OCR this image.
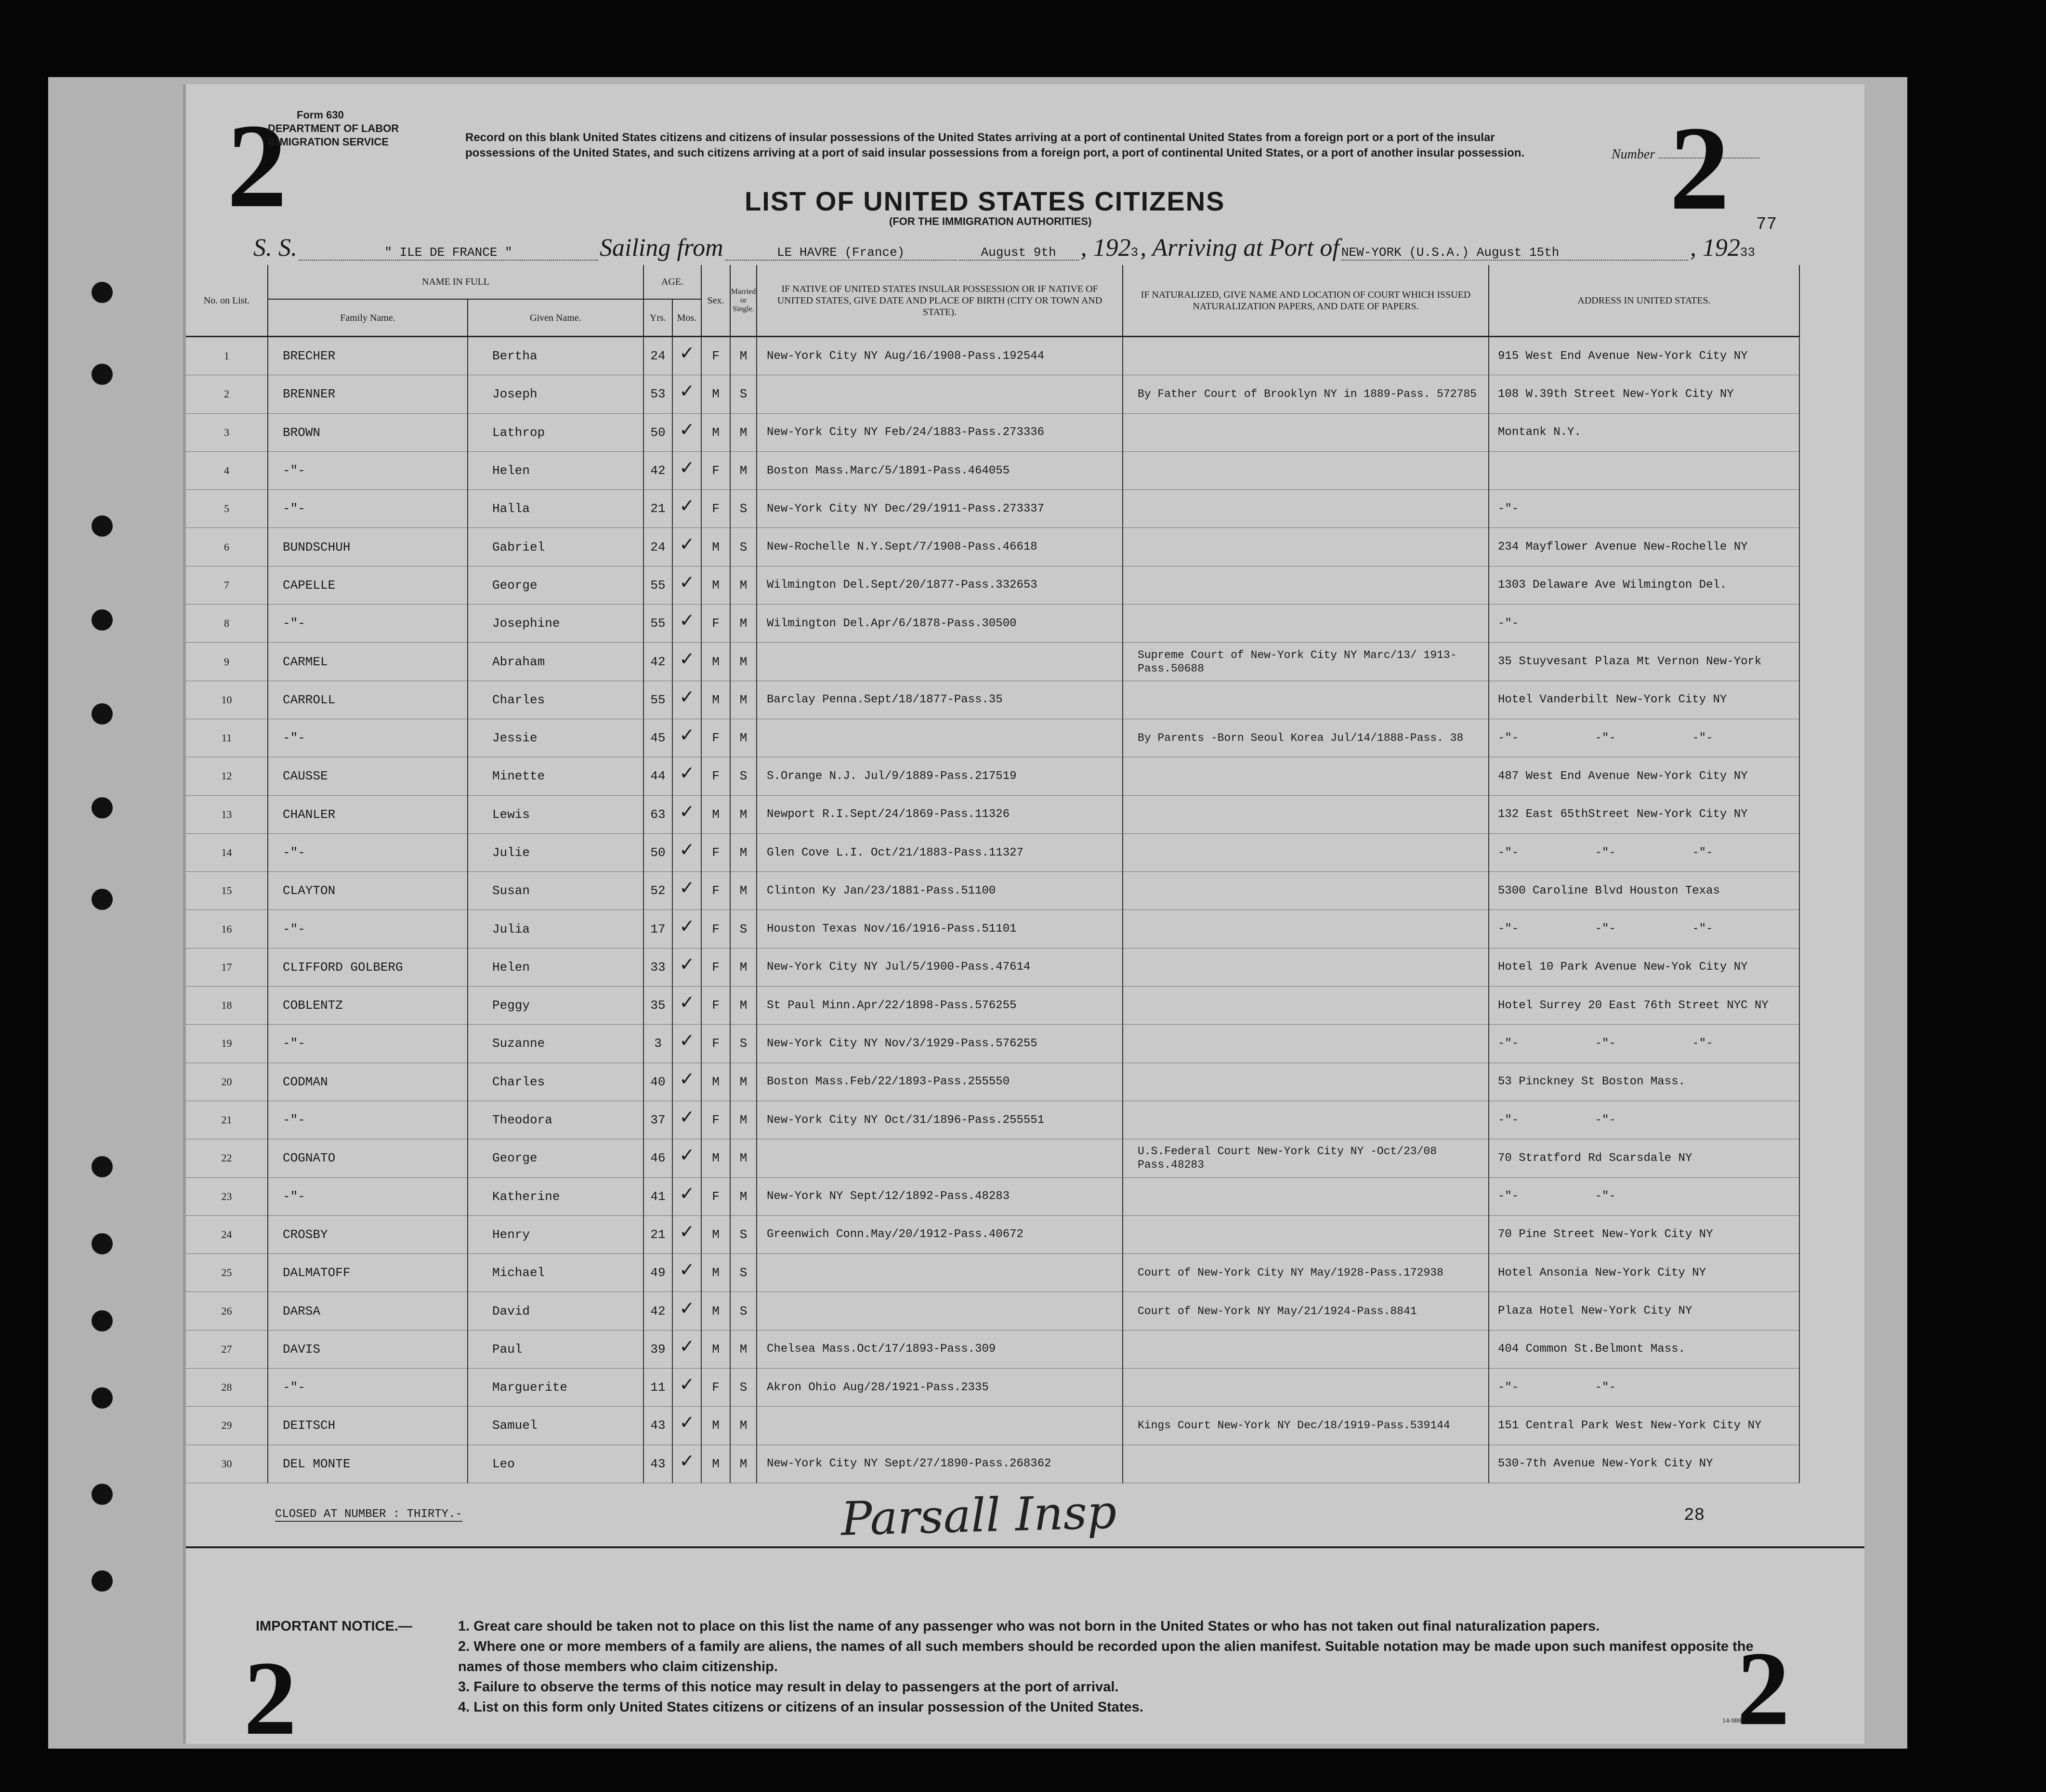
2 Form 630
DEPARTMENT OF LABOR
IMMIGRATION SERVICE	Record on this blank United States citizens and citizens of insular possessions of the United States arriving at a port of continental United States from a foreign port or a port of the insular possessions of the United States, and such citizens arriving at a port of said insular possessions from a foreign port, a port of continental United States, or a port of another insular possession.	Number 2
LIST OF UNITED STATES CITIZENS
(FOR THE IMMIGRATION AUTHORITIES)	77
S. S.	" ILE DE FRANCE "	Sailing from	LE HAVRE (France)	August 9th , 1923 , Arriving at Port of NEW-YORK (U.S.A.) August 15th	, 19233
No. on List.	NAME IN FULL		AGE.		Sex.	Married or Single.	IF NATIVE OF UNITED STATES INSULAR POSSESSION OR IF NATIVE OF UNITED STATES, GIVE DATE AND PLACE OF BIRTH (CITY OR TOWN AND STATE).	IF NATURALIZED, GIVE NAME AND LOCATION OF COURT WHICH ISSUED NATURALIZATION PAPERS, AND DATE OF PAPERS.	ADDRESS IN UNITED STATES.
	Family Name.	Given Name.	Yrs.	Mos.					
1	BRECHER	Bertha	24	✓	F	M	New-York City NY Aug/16/1908-Pass.192544		915 West End Avenue New-York City NY
2	BRENNER	Joseph	53	✓	M	S		By Father Court of Brooklyn NY in 1889-Pass. 572785	108 W.39th Street New-York City NY
3	BROWN	Lathrop	50	✓	M	M	New-York City NY Feb/24/1883-Pass.273336		Montank N.Y.
4	-"-	Helen	42	✓	F	M	Boston Mass.Marc/5/1891-Pass.464055		
5	-"-	Halla	21	✓	F	S	New-York City NY Dec/29/1911-Pass.273337		-"-
6	BUNDSCHUH	Gabriel	24	✓	M	S	New-Rochelle N.Y.Sept/7/1908-Pass.46618		234 Mayflower Avenue New-Rochelle NY
7	CAPELLE	George	55	✓	M	M	Wilmington Del.Sept/20/1877-Pass.332653		1303 Delaware Ave Wilmington Del.
8	-"-	Josephine	55	✓	F	M	Wilmington Del.Apr/6/1878-Pass.30500		-"-
9	CARMEL	Abraham	42	✓	M	M		Supreme Court of New-York City NY Marc/13/ 1913-Pass.50688	35 Stuyvesant Plaza Mt Vernon New-York
10	CARROLL	Charles	55	✓	M	M	Barclay Penna.Sept/18/1877-Pass.35		Hotel Vanderbilt New-York City NY
11	-"-	Jessie	45	✓	F	M		By Parents -Born Seoul Korea Jul/14/1888-Pass. 38	-"-           -"-           -"-
12	CAUSSE	Minette	44	✓	F	S	S.Orange N.J. Jul/9/1889-Pass.217519		487 West End Avenue New-York City NY
13	CHANLER	Lewis	63	✓	M	M	Newport R.I.Sept/24/1869-Pass.11326		132 East 65thStreet New-York City NY
14	-"-	Julie	50	✓	F	M	Glen Cove L.I. Oct/21/1883-Pass.11327		-"-           -"-           -"-
15	CLAYTON	Susan	52	✓	F	M	Clinton Ky Jan/23/1881-Pass.51100		5300 Caroline Blvd Houston Texas
16	-"-	Julia	17	✓	F	S	Houston Texas Nov/16/1916-Pass.51101		-"-           -"-           -"-
17	CLIFFORD GOLBERG	Helen	33	✓	F	M	New-York City NY Jul/5/1900-Pass.47614		Hotel 10 Park Avenue New-Yok City NY
18	COBLENTZ	Peggy	35	✓	F	M	St Paul Minn.Apr/22/1898-Pass.576255		Hotel Surrey 20 East 76th Street NYC NY
19	-"-	Suzanne	3	✓	F	S	New-York City NY Nov/3/1929-Pass.576255		-"-           -"-           -"-
20	CODMAN	Charles	40	✓	M	M	Boston Mass.Feb/22/1893-Pass.255550		53 Pinckney St Boston Mass.
21	-"-	Theodora	37	✓	F	M	New-York City NY Oct/31/1896-Pass.255551		-"-           -"-
22	COGNATO	George	46	✓	M	M		U.S.Federal Court New-York City NY -Oct/23/08 Pass.48283	70 Stratford Rd Scarsdale NY
23	-"-	Katherine	41	✓	F	M	New-York NY Sept/12/1892-Pass.48283		-"-           -"-
24	CROSBY	Henry	21	✓	M	S	Greenwich Conn.May/20/1912-Pass.40672		70 Pine Street New-York City NY
25	DALMATOFF	Michael	49	✓	M	S		Court of New-York City NY May/1928-Pass.172938	Hotel Ansonia New-York City NY
26	DARSA	David	42	✓	M	S		Court of New-York NY May/21/1924-Pass.8841	Plaza Hotel New-York City NY
27	DAVIS	Paul	39	✓	M	M	Chelsea Mass.Oct/17/1893-Pass.309		404 Common St.Belmont Mass.
28	-"-	Marguerite	11	✓	F	S	Akron Ohio Aug/28/1921-Pass.2335		-"-           -"-
29	DEITSCH	Samuel	43	✓	M	M		Kings Court New-York NY Dec/18/1919-Pass.539144	151 Central Park West New-York City NY
30	DEL MONTE	Leo	43	✓	M	M	New-York City NY Sept/27/1890-Pass.268362		530-7th Avenue New-York City NY
CLOSED AT NUMBER : THIRTY.-	Parsall Insp	28
IMPORTANT NOTICE.—	1. Great care should be taken not to place on this list the name of any passenger who was not born in the United States or who has not taken out final naturalization papers.
2. Where one or more members of a family are aliens, the names of all such members should be recorded upon the alien manifest. Suitable notation may be made upon such manifest opposite the names of those members who claim citizenship.
3. Failure to observe the terms of this notice may result in delay to passengers at the port of arrival.
4. List on this form only United States citizens or citizens of an insular possession of the United States.
2	2
14-988
